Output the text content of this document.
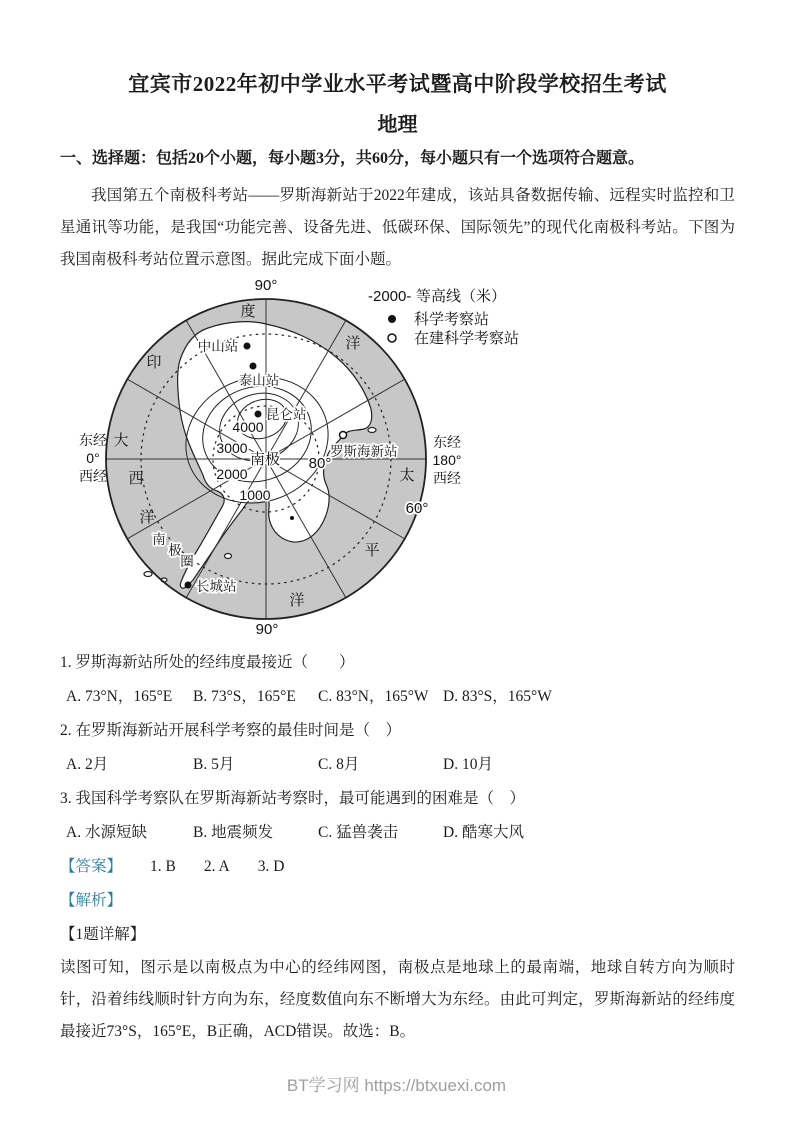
宜宾市2022年初中学业水平考试暨高中阶段学校招生考试
地理
一、选择题：包括20个小题，每小题3分，共60分，每小题只有一个选项符合题意。

我国第五个南极科考站——罗斯海新站于2022年建成，该站具备数据传输、远程实时监控和卫星通讯等功能，是我国“功能完善、设备先进、低碳环保、国际领先”的现代化南极科考站。下图为我国南极科考站位置示意图。据此完成下面小题。

中山站
泰山站
昆仑站
罗斯海新站
长城站
4000
3000
2000
1000
南极 80°
60°
90°
90°
东经
0°
西经
东经
180°
西经
印
度
洋
大
西
洋
太
平
洋
南
极
圈
-2000- 等高线（米）
科学考察站
在建科学考察站
1. 罗斯海新站所处的经纬度最接近（　　）
A. 73°N，165°E	B. 73°S，165°E	C. 83°N，165°W D. 83°S，165°W
2. 在罗斯海新站开展科学考察的最佳时间是（　）
A. 2月	B. 5月	C. 8月	D. 10月
3. 我国科学考察队在罗斯海新站考察时，最可能遇到的困难是（　）
A. 水源短缺	B. 地震频发	C. 猛兽袭击	D. 酷寒大风
【答案】 1. B 2. A 3. D
【解析】
【1题详解】

读图可知，图示是以南极点为中心的经纬网图，南极点是地球上的最南端，地球自转方向为顺时针，沿着纬线顺时针方向为东，经度数值向东不断增大为东经。由此可判定，罗斯海新站的经纬度最接近73°S，165°E，B正确，ACD错误。故选：B。

BT学习网 https://btxuexi.com
